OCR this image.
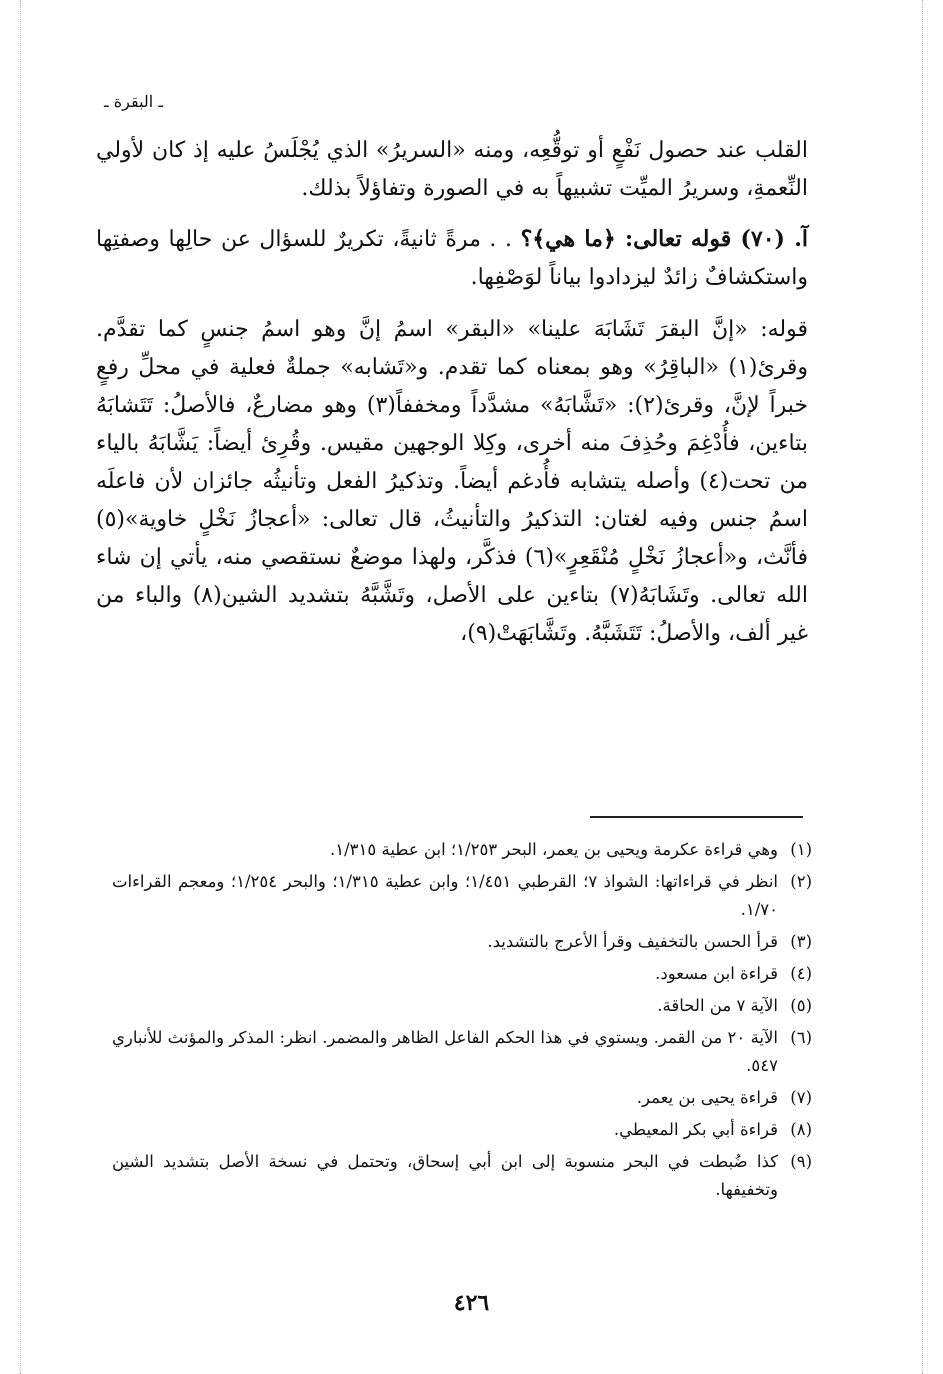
ـ البقرة ـ

القلب عند حصول نَفْعٍ أو توقُّعِه، ومنه «السريرُ» الذي يُجْلَسُ عليه إذ كان لأولي النِّعمةِ، وسريرُ الميِّت تشبيهاً به في الصورة وتفاؤلاً بذلك.

آ. (٧٠) قوله تعالى: ﴿ما هي﴾؟ . . مرةً ثانيةً، تكريرٌ للسؤال عن حالِها وصفتِها واستكشافٌ زائدٌ ليزدادوا بياناً لوَصْفِها.

قوله: «إنَّ البقرَ تَشَابَهَ علينا» «البقر» اسمُ إنَّ وهو اسمُ جنسٍ كما تقدَّم. وقرئ(١) «الباقِرُ» وهو بمعناه كما تقدم. و«تَشابه» جملةٌ فعلية في محلِّ رفعٍ خبراً لإنَّ، وقرئ(٢): «تَشَّابَهُ» مشدَّداً ومخففاً(٣) وهو مضارعٌ، فالأصلُ: تَتَشابَهُ بتاءين، فأُدْغِمَ وحُذِفَ منه أخرى، وكِلا الوجهين مقيس. وقُرِئ أيضاً: يَشَّابَهُ بالياء من تحت(٤) وأصله يتشابه فأُدغم أيضاً. وتذكيرُ الفعل وتأنيثُه جائزان لأن فاعلَه اسمُ جنس وفيه لغتان: التذكيرُ والتأنيثُ، قال تعالى: «أعجازُ نَخْلٍ خاوية»(٥) فأنَّث، و«أعجازُ نَخْلٍ مُنْقَعِرٍ»(٦) فذكَّر، ولهذا موضعٌ نستقصي منه، يأتي إن شاء الله تعالى. وتَشَابَهُ(٧) بتاءين على الأصل، وتَشَّبَّهُ بتشديد الشين(٨) والباء من غير ألف، والأصلُ: تَتَشَبَّهُ. وتَشَّابَهَتْ(٩)،

(١)
وهي قراءة عكرمة ويحيى بن يعمر، البحر ١/٢٥٣؛ ابن عطية ١/٣١٥.
(٢)
انظر في قراءاتها: الشواذ ٧؛ القرطبي ١/٤٥١؛ وابن عطية ١/٣١٥؛ والبحر ١/٢٥٤؛ ومعجم القراءات ١/٧٠.
(٣)
قرأ الحسن بالتخفيف وقرأ الأعرج بالتشديد.
(٤)
قراءة ابن مسعود.
(٥)
الآية ٧ من الحاقة.
(٦)
الآية ٢٠ من القمر. ويستوي في هذا الحكم الفاعل الظاهر والمضمر. انظر: المذكر والمؤنث للأنباري ٥٤٧.
(٧)
قراءة يحيى بن يعمر.
(٨)
قراءة أبي بكر المعيطي.
(٩)
كذا ضُبطت في البحر منسوبة إلى ابن أبي إسحاق، وتحتمل في نسخة الأصل بتشديد الشين وتخفيفها.
٤٢٦
